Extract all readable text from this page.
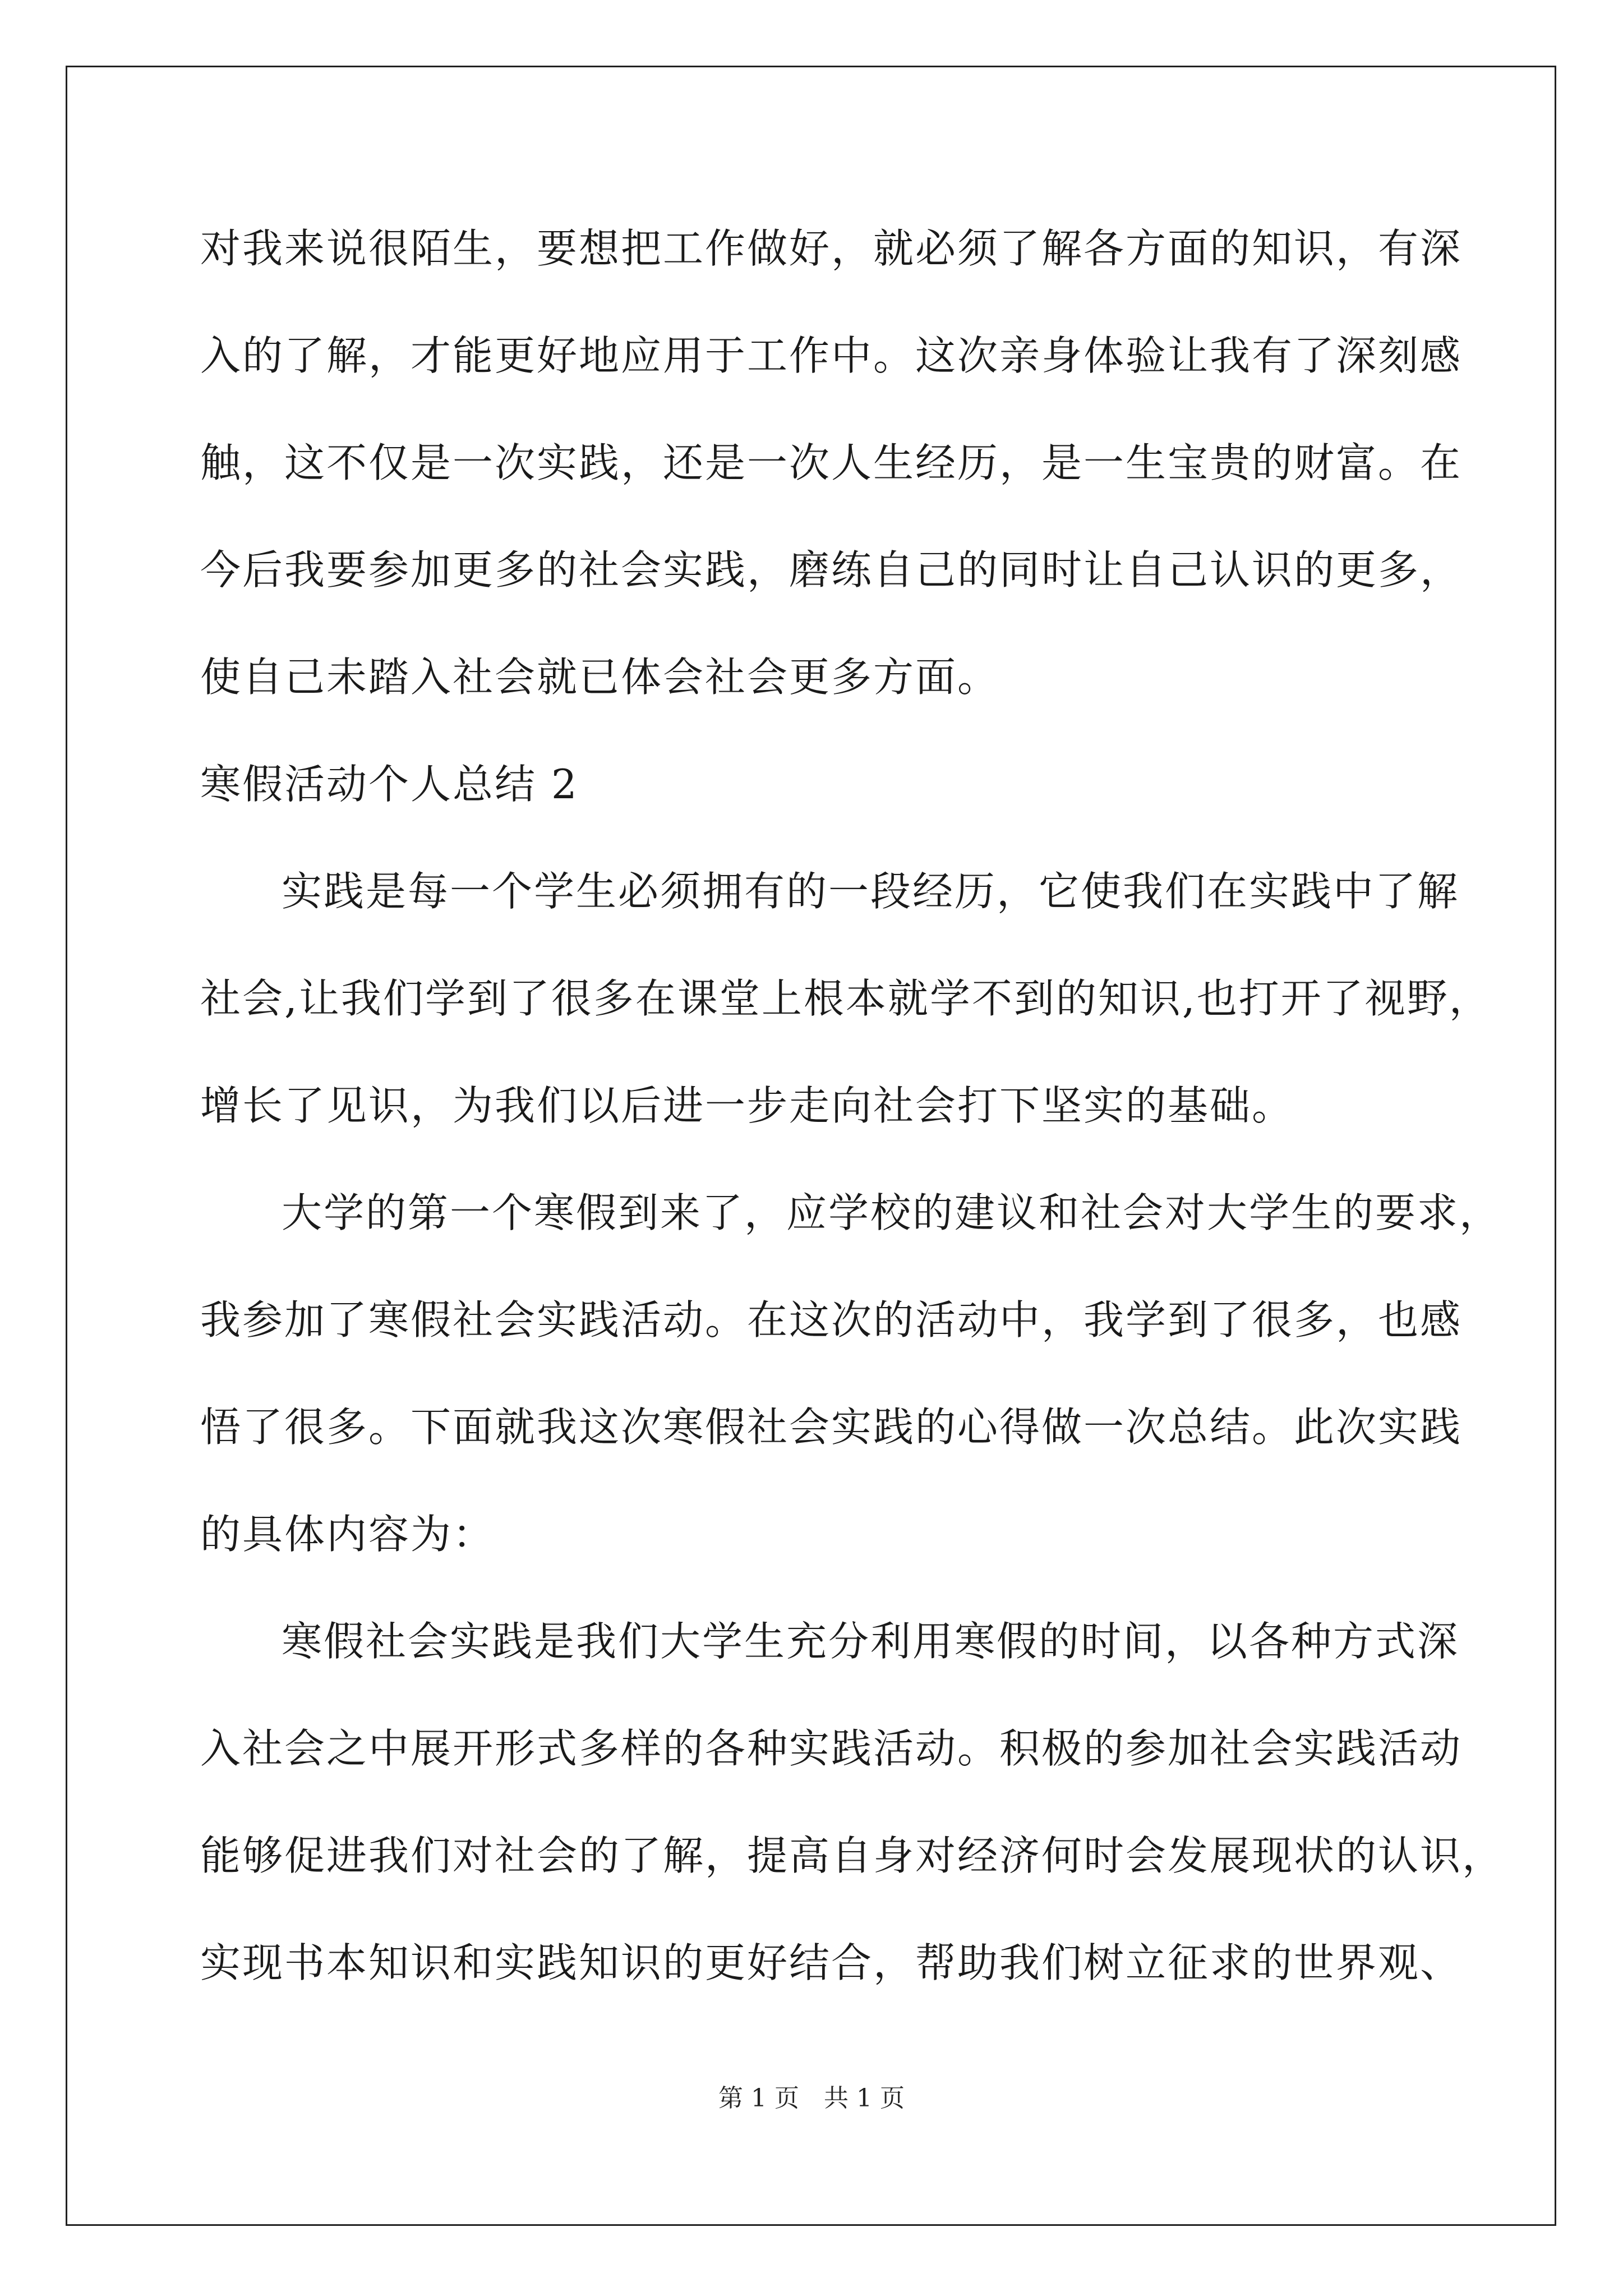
对我来说很陌生，要想把工作做好，就必须了解各方面的知识，有深
入的了解，才能更好地应用于工作中。这次亲身体验让我有了深刻感
触，这不仅是一次实践，还是一次人生经历，是一生宝贵的财富。在
今后我要参加更多的社会实践，磨练自己的同时让自己认识的更多，
使自己未踏入社会就已体会社会更多方面。
寒假活动个人总结 2
实践是每一个学生必须拥有的一段经历，它使我们在实践中了解
社会,让我们学到了很多在课堂上根本就学不到的知识,也打开了视野，
增长了见识，为我们以后进一步走向社会打下坚实的基础。
大学的第一个寒假到来了，应学校的建议和社会对大学生的要求，
我参加了寒假社会实践活动。在这次的活动中，我学到了很多，也感
悟了很多。下面就我这次寒假社会实践的心得做一次总结。此次实践
的具体内容为：
寒假社会实践是我们大学生充分利用寒假的时间，以各种方式深
入社会之中展开形式多样的各种实践活动。积极的参加社会实践活动
能够促进我们对社会的了解，提高自身对经济何时会发展现状的认识，
实现书本知识和实践知识的更好结合，帮助我们树立征求的世界观、
第 1 页　共 1 页
